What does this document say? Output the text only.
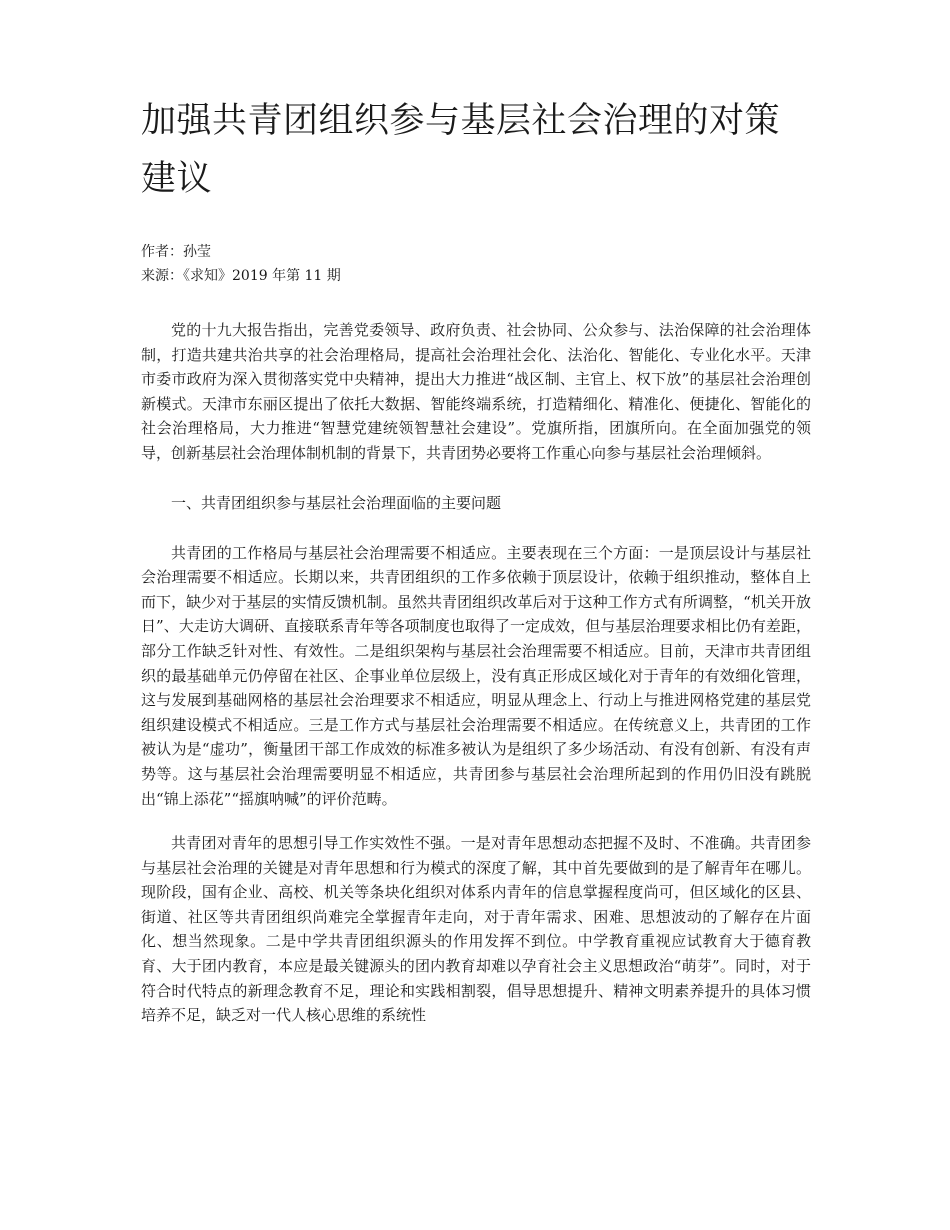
加强共青团组织参与基层社会治理的对策建议
作者：孙莹
来源：《求知》2019 年第 11 期

党的十九大报告指出，完善党委领导、政府负责、社会协同、公众参与、法治保障的社会治理体制，打造共建共治共享的社会治理格局，提高社会治理社会化、法治化、智能化、专业化水平。天津市委市政府为深入贯彻落实党中央精神，提出大力推进“战区制、主官上、权下放”的基层社会治理创新模式。天津市东丽区提出了依托大数据、智能终端系统，打造精细化、精准化、便捷化、智能化的社会治理格局，大力推进“智慧党建统领智慧社会建设”。党旗所指，团旗所向。在全面加强党的领导，创新基层社会治理体制机制的背景下，共青团势必要将工作重心向参与基层社会治理倾斜。

一、共青团组织参与基层社会治理面临的主要问题

共青团的工作格局与基层社会治理需要不相适应。主要表现在三个方面：一是顶层设计与基层社会治理需要不相适应。长期以来，共青团组织的工作多依赖于顶层设计，依赖于组织推动，整体自上而下，缺少对于基层的实情反馈机制。虽然共青团组织改革后对于这种工作方式有所调整，“机关开放日”、大走访大调研、直接联系青年等各项制度也取得了一定成效，但与基层治理要求相比仍有差距，部分工作缺乏针对性、有效性。二是组织架构与基层社会治理需要不相适应。目前，天津市共青团组织的最基础单元仍停留在社区、企事业单位层级上，没有真正形成区域化对于青年的有效细化管理，这与发展到基础网格的基层社会治理要求不相适应，明显从理念上、行动上与推进网格党建的基层党组织建设模式不相适应。三是工作方式与基层社会治理需要不相适应。在传统意义上，共青团的工作被认为是“虚功”，衡量团干部工作成效的标准多被认为是组织了多少场活动、有没有创新、有没有声势等。这与基层社会治理需要明显不相适应，共青团参与基层社会治理所起到的作用仍旧没有跳脱出“锦上添花”“摇旗呐喊”的评价范畴。

共青团对青年的思想引导工作实效性不强。一是对青年思想动态把握不及时、不准确。共青团参与基层社会治理的关键是对青年思想和行为模式的深度了解，其中首先要做到的是了解青年在哪儿。现阶段，国有企业、高校、机关等条块化组织对体系内青年的信息掌握程度尚可，但区域化的区县、街道、社区等共青团组织尚难完全掌握青年走向，对于青年需求、困难、思想波动的了解存在片面化、想当然现象。二是中学共青团组织源头的作用发挥不到位。中学教育重视应试教育大于德育教育、大于团内教育，本应是最关键源头的团内教育却难以孕育社会主义思想政治“萌芽”。同时，对于符合时代特点的新理念教育不足，理论和实践相割裂，倡导思想提升、精神文明素养提升的具体习惯培养不足，缺乏对一代人核心思维的系统性
